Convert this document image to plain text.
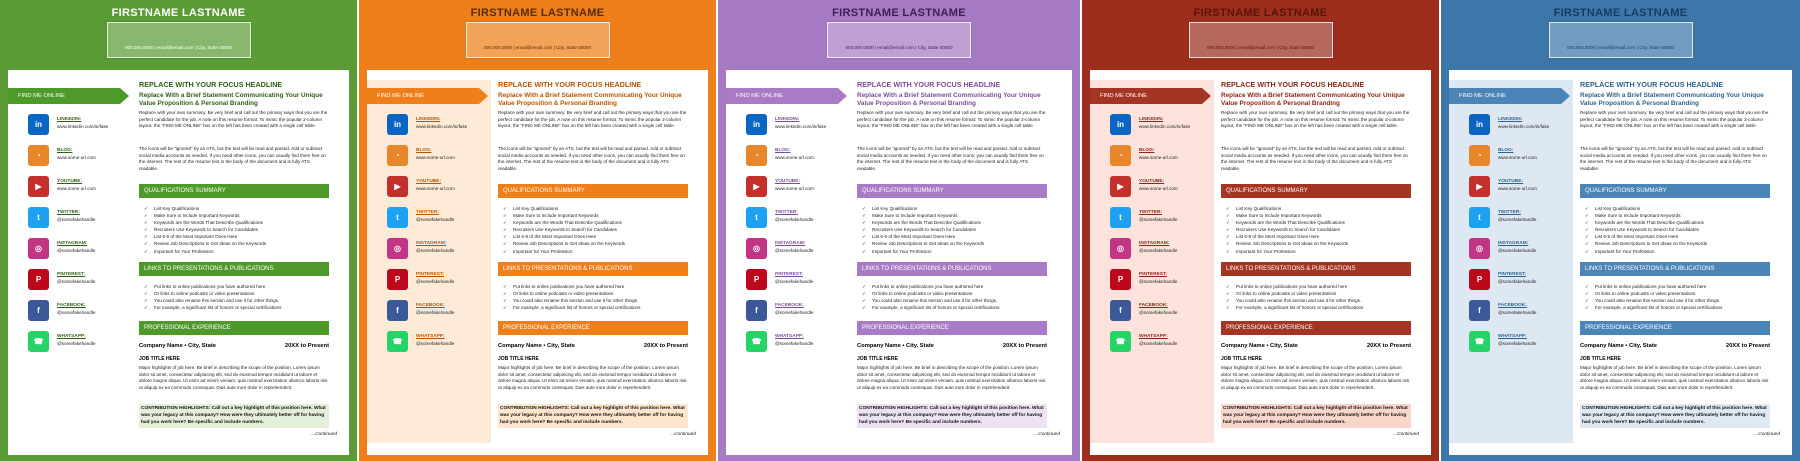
FIRSTNAME LASTNAME
000.000.0000 | email@email.com | City, State 00000
FIND ME ONLINE
in
LINKEDIN:
www.linkedin.com/in/fake
◔
BLOG:
www.some-url.com
▶
YOUTUBE:
www.some-url.com
t
TWITTER:
@somefakehandle
◎
INSTAGRAM:
@somefakehandle
P
PINTEREST:
@somefakehandle
f
FACEBOOK:
@somefakehandle
☎
WHATSAPP:
@somefakehandle
REPLACE WITH YOUR FOCUS HEADLINE
Replace With a Brief Statement Communicating Your Unique Value Proposition & Personal Branding
Replace with your own summary. Be very brief and call out the primary ways that you are the perfect candidate for the job. A note on this resume format: To mimic the popular 2-column layout, the “FIND ME ONLINE” box on the left has been created with a single cell table.
The icons will be “ignored” by an ATS, but the text will be read and parsed. Add or subtract social media accounts as needed. If you need other icons, you can usually find them free on the internet. The rest of the resume text in the body of the document and is fully ATS readable.
QUALIFICATIONS SUMMARY
✓ List Key Qualifications
✓ Make Sure to Include Important Keywords
✓ Keywords are the Words That Describe Qualifications
✓ Recruiters Use Keywords to Search for Candidates
✓ List 6-9 of the Most Important Ones Here
✓ Review Job Descriptions to Get Ideas on the Keywords
✓ Important for Your Profession
LINKS TO PRESENTATIONS & PUBLICATIONS
✓ Put links to online publications you have authored here
✓ Or links to online podcasts or video presentations
✓ You could also rename this section and use it for other things.
✓ For example, a significant list of honors or special certifications
PROFESSIONAL EXPERIENCE
Company Name • City, State	20XX to Present
JOB TITLE HERE
Major highlights of job here. Be brief in describing the scope of the position. Lorem ipsum dolor sit amet, consectetur adipiscing elit, sed do eiusmod tempor incididunt ut labore et dolore magna aliqua. Ut enim ad minim veniam, quis nostrud exercitation ullamco laboris nisi ut aliquip ex ea commodo consequat. Duis aute irure dolor in reprehenderit.
CONTRIBUTION HIGHLIGHTS: Call out a key highlight of this position here. What was your legacy at this company? How were they ultimately better off for having had you work here? Be specific and include numbers.
...Continued
FIRSTNAME LASTNAME
000.000.0000 | email@email.com | City, State 00000
FIND ME ONLINE
in
LINKEDIN:
www.linkedin.com/in/fake
◔
BLOG:
www.some-url.com
▶
YOUTUBE:
www.some-url.com
t
TWITTER:
@somefakehandle
◎
INSTAGRAM:
@somefakehandle
P
PINTEREST:
@somefakehandle
f
FACEBOOK:
@somefakehandle
☎
WHATSAPP:
@somefakehandle
REPLACE WITH YOUR FOCUS HEADLINE
Replace With a Brief Statement Communicating Your Unique Value Proposition & Personal Branding
Replace with your own summary. Be very brief and call out the primary ways that you are the perfect candidate for the job. A note on this resume format: To mimic the popular 2-column layout, the “FIND ME ONLINE” box on the left has been created with a single cell table.
The icons will be “ignored” by an ATS, but the text will be read and parsed. Add or subtract social media accounts as needed. If you need other icons, you can usually find them free on the internet. The rest of the resume text in the body of the document and is fully ATS readable.
QUALIFICATIONS SUMMARY
✓ List Key Qualifications
✓ Make Sure to Include Important Keywords
✓ Keywords are the Words That Describe Qualifications
✓ Recruiters Use Keywords to Search for Candidates
✓ List 6-9 of the Most Important Ones Here
✓ Review Job Descriptions to Get Ideas on the Keywords
✓ Important for Your Profession
LINKS TO PRESENTATIONS & PUBLICATIONS
✓ Put links to online publications you have authored here
✓ Or links to online podcasts or video presentations
✓ You could also rename this section and use it for other things.
✓ For example, a significant list of honors or special certifications
PROFESSIONAL EXPERIENCE
Company Name • City, State	20XX to Present
JOB TITLE HERE
Major highlights of job here. Be brief in describing the scope of the position. Lorem ipsum dolor sit amet, consectetur adipiscing elit, sed do eiusmod tempor incididunt ut labore et dolore magna aliqua. Ut enim ad minim veniam, quis nostrud exercitation ullamco laboris nisi ut aliquip ex ea commodo consequat. Duis aute irure dolor in reprehenderit.
CONTRIBUTION HIGHLIGHTS: Call out a key highlight of this position here. What was your legacy at this company? How were they ultimately better off for having had you work here? Be specific and include numbers.
...Continued
FIRSTNAME LASTNAME
000.000.0000 | email@email.com | City, State 00000
FIND ME ONLINE
in
LINKEDIN:
www.linkedin.com/in/fake
◔
BLOG:
www.some-url.com
▶
YOUTUBE:
www.some-url.com
t
TWITTER:
@somefakehandle
◎
INSTAGRAM:
@somefakehandle
P
PINTEREST:
@somefakehandle
f
FACEBOOK:
@somefakehandle
☎
WHATSAPP:
@somefakehandle
REPLACE WITH YOUR FOCUS HEADLINE
Replace With a Brief Statement Communicating Your Unique Value Proposition & Personal Branding
Replace with your own summary. Be very brief and call out the primary ways that you are the perfect candidate for the job. A note on this resume format: To mimic the popular 2-column layout, the “FIND ME ONLINE” box on the left has been created with a single cell table.
The icons will be “ignored” by an ATS, but the text will be read and parsed. Add or subtract social media accounts as needed. If you need other icons, you can usually find them free on the internet. The rest of the resume text in the body of the document and is fully ATS readable.
QUALIFICATIONS SUMMARY
✓ List Key Qualifications
✓ Make Sure to Include Important Keywords
✓ Keywords are the Words That Describe Qualifications
✓ Recruiters Use Keywords to Search for Candidates
✓ List 6-9 of the Most Important Ones Here
✓ Review Job Descriptions to Get Ideas on the Keywords
✓ Important for Your Profession
LINKS TO PRESENTATIONS & PUBLICATIONS
✓ Put links to online publications you have authored here
✓ Or links to online podcasts or video presentations
✓ You could also rename this section and use it for other things.
✓ For example, a significant list of honors or special certifications
PROFESSIONAL EXPERIENCE
Company Name • City, State	20XX to Present
JOB TITLE HERE
Major highlights of job here. Be brief in describing the scope of the position. Lorem ipsum dolor sit amet, consectetur adipiscing elit, sed do eiusmod tempor incididunt ut labore et dolore magna aliqua. Ut enim ad minim veniam, quis nostrud exercitation ullamco laboris nisi ut aliquip ex ea commodo consequat. Duis aute irure dolor in reprehenderit.
CONTRIBUTION HIGHLIGHTS: Call out a key highlight of this position here. What was your legacy at this company? How were they ultimately better off for having had you work here? Be specific and include numbers.
...Continued
FIRSTNAME LASTNAME
000.000.0000 | email@email.com | City, State 00000
FIND ME ONLINE
in
LINKEDIN:
www.linkedin.com/in/fake
◔
BLOG:
www.some-url.com
▶
YOUTUBE:
www.some-url.com
t
TWITTER:
@somefakehandle
◎
INSTAGRAM:
@somefakehandle
P
PINTEREST:
@somefakehandle
f
FACEBOOK:
@somefakehandle
☎
WHATSAPP:
@somefakehandle
REPLACE WITH YOUR FOCUS HEADLINE
Replace With a Brief Statement Communicating Your Unique Value Proposition & Personal Branding
Replace with your own summary. Be very brief and call out the primary ways that you are the perfect candidate for the job. A note on this resume format: To mimic the popular 2-column layout, the “FIND ME ONLINE” box on the left has been created with a single cell table.
The icons will be “ignored” by an ATS, but the text will be read and parsed. Add or subtract social media accounts as needed. If you need other icons, you can usually find them free on the internet. The rest of the resume text in the body of the document and is fully ATS readable.
QUALIFICATIONS SUMMARY
✓ List Key Qualifications
✓ Make Sure to Include Important Keywords
✓ Keywords are the Words That Describe Qualifications
✓ Recruiters Use Keywords to Search for Candidates
✓ List 6-9 of the Most Important Ones Here
✓ Review Job Descriptions to Get Ideas on the Keywords
✓ Important for Your Profession
LINKS TO PRESENTATIONS & PUBLICATIONS
✓ Put links to online publications you have authored here
✓ Or links to online podcasts or video presentations
✓ You could also rename this section and use it for other things.
✓ For example, a significant list of honors or special certifications
PROFESSIONAL EXPERIENCE
Company Name • City, State	20XX to Present
JOB TITLE HERE
Major highlights of job here. Be brief in describing the scope of the position. Lorem ipsum dolor sit amet, consectetur adipiscing elit, sed do eiusmod tempor incididunt ut labore et dolore magna aliqua. Ut enim ad minim veniam, quis nostrud exercitation ullamco laboris nisi ut aliquip ex ea commodo consequat. Duis aute irure dolor in reprehenderit.
CONTRIBUTION HIGHLIGHTS: Call out a key highlight of this position here. What was your legacy at this company? How were they ultimately better off for having had you work here? Be specific and include numbers.
...Continued
FIRSTNAME LASTNAME
000.000.0000 | email@email.com | City, State 00000
FIND ME ONLINE
in
LINKEDIN:
www.linkedin.com/in/fake
◔
BLOG:
www.some-url.com
▶
YOUTUBE:
www.some-url.com
t
TWITTER:
@somefakehandle
◎
INSTAGRAM:
@somefakehandle
P
PINTEREST:
@somefakehandle
f
FACEBOOK:
@somefakehandle
☎
WHATSAPP:
@somefakehandle
REPLACE WITH YOUR FOCUS HEADLINE
Replace With a Brief Statement Communicating Your Unique Value Proposition & Personal Branding
Replace with your own summary. Be very brief and call out the primary ways that you are the perfect candidate for the job. A note on this resume format: To mimic the popular 2-column layout, the “FIND ME ONLINE” box on the left has been created with a single cell table.
The icons will be “ignored” by an ATS, but the text will be read and parsed. Add or subtract social media accounts as needed. If you need other icons, you can usually find them free on the internet. The rest of the resume text in the body of the document and is fully ATS readable.
QUALIFICATIONS SUMMARY
✓ List Key Qualifications
✓ Make Sure to Include Important Keywords
✓ Keywords are the Words That Describe Qualifications
✓ Recruiters Use Keywords to Search for Candidates
✓ List 6-9 of the Most Important Ones Here
✓ Review Job Descriptions to Get Ideas on the Keywords
✓ Important for Your Profession
LINKS TO PRESENTATIONS & PUBLICATIONS
✓ Put links to online publications you have authored here
✓ Or links to online podcasts or video presentations
✓ You could also rename this section and use it for other things.
✓ For example, a significant list of honors or special certifications
PROFESSIONAL EXPERIENCE
Company Name • City, State	20XX to Present
JOB TITLE HERE
Major highlights of job here. Be brief in describing the scope of the position. Lorem ipsum dolor sit amet, consectetur adipiscing elit, sed do eiusmod tempor incididunt ut labore et dolore magna aliqua. Ut enim ad minim veniam, quis nostrud exercitation ullamco laboris nisi ut aliquip ex ea commodo consequat. Duis aute irure dolor in reprehenderit.
CONTRIBUTION HIGHLIGHTS: Call out a key highlight of this position here. What was your legacy at this company? How were they ultimately better off for having had you work here? Be specific and include numbers.
...Continued
